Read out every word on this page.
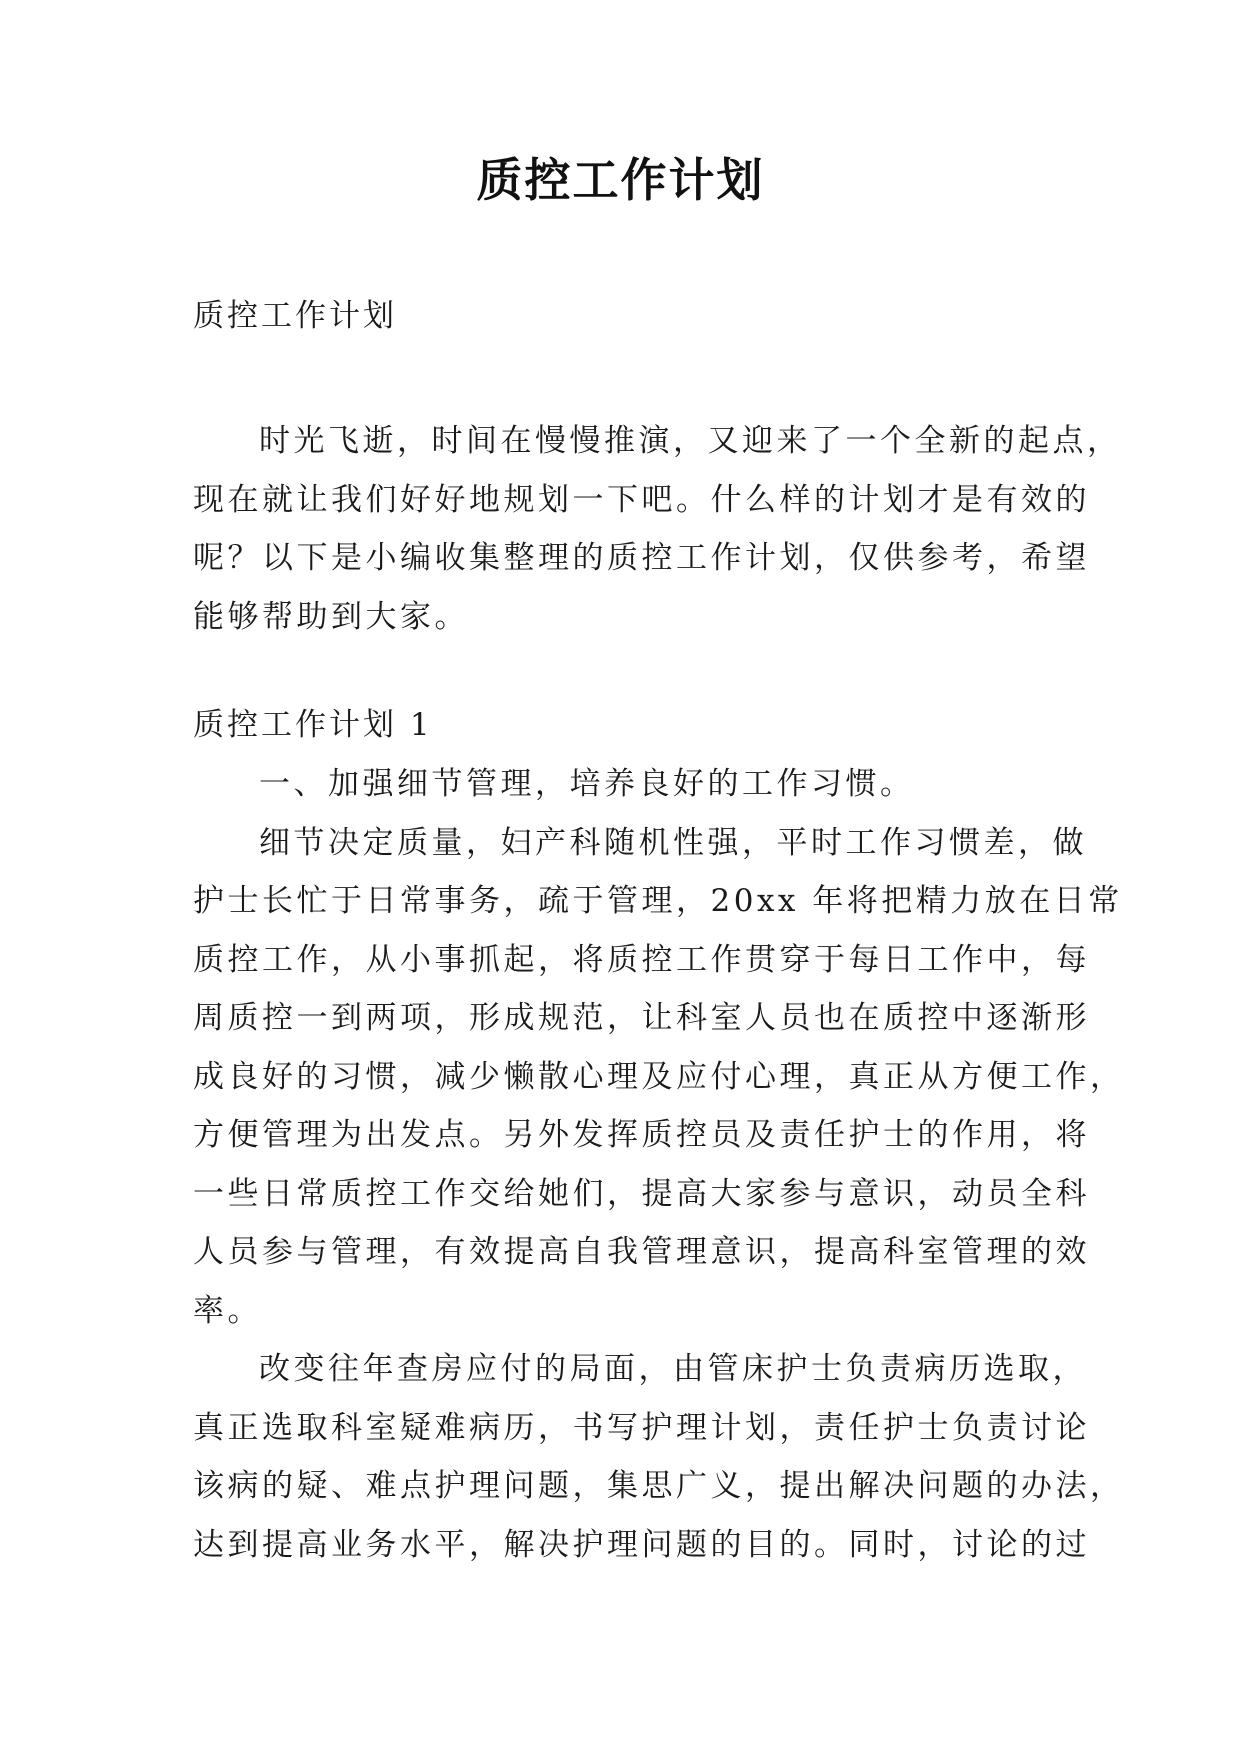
质控工作计划
质控工作计划
时光飞逝，时间在慢慢推演，又迎来了一个全新的起点，
现在就让我们好好地规划一下吧。什么样的计划才是有效的
呢？以下是小编收集整理的质控工作计划，仅供参考，希望
能够帮助到大家。
质控工作计划 1
一、加强细节管理，培养良好的工作习惯。
细节决定质量，妇产科随机性强，平时工作习惯差，做
护士长忙于日常事务，疏于管理，20xx 年将把精力放在日常
质控工作，从小事抓起，将质控工作贯穿于每日工作中，每
周质控一到两项，形成规范，让科室人员也在质控中逐渐形
成良好的习惯，减少懒散心理及应付心理，真正从方便工作，
方便管理为出发点。另外发挥质控员及责任护士的作用，将
一些日常质控工作交给她们，提高大家参与意识，动员全科
人员参与管理，有效提高自我管理意识，提高科室管理的效
率。
改变往年查房应付的局面，由管床护士负责病历选取，
真正选取科室疑难病历，书写护理计划，责任护士负责讨论
该病的疑、难点护理问题，集思广义，提出解决问题的办法，
达到提高业务水平，解决护理问题的目的。同时，讨论的过
